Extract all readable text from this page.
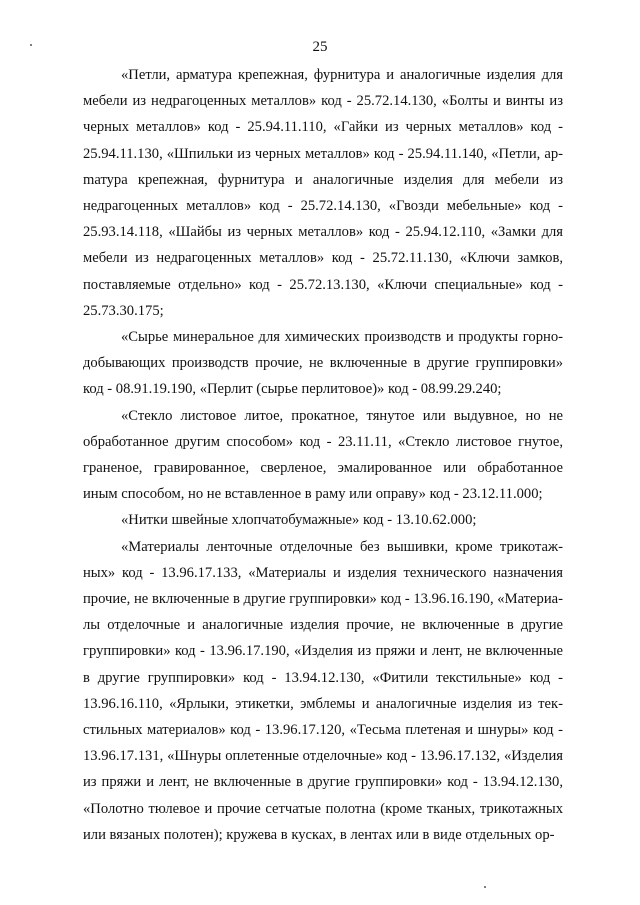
25

«Петли, арматура крепежная, фурнитура и аналогичные изделия для мебели из недрагоценных металлов» код - 25.72.14.130, «Болты и винты из черных металлов» код - 25.94.11.110, «Гайки из черных металлов» код - 25.94.11.130, «Шпильки из черных металлов» код - 25.94.11.140, «Петли, арmатура крепежная, фурнитура и аналогичные изделия для мебели из недрагоценных металлов» код - 25.72.14.130, «Гвозди мебельные» код - 25.93.14.118, «Шайбы из черных металлов» код - 25.94.12.110, «Замки для мебели из недрагоценных металлов» код - 25.72.11.130, «Ключи замков, поставляемые отдельно» код - 25.72.13.130, «Ключи специальные» код - 25.73.30.175;

«Сырье минеральное для химических производств и продукты горнодобывающих производств прочие, не включенные в другие группировки» код - 08.91.19.190, «Перлит (сырье перлитовое)» код - 08.99.29.240;

«Стекло листовое литое, прокатное, тянутое или выдувное, но не обработанное другим способом» код - 23.11.11, «Стекло листовое гнутое, граненое, гравированное, сверленое, эмалированное или обработанное иным способом, но не вставленное в раму или оправу» код - 23.12.11.000;

«Нитки швейные хлопчатобумажные» код - 13.10.62.000;

«Материалы ленточные отделочные без вышивки, кроме трикотажных» код - 13.96.17.133, «Материалы и изделия технического назначения прочие, не включенные в другие группировки» код - 13.96.16.190, «Материалы отделочные и аналогичные изделия прочие, не включенные в другие группировки» код - 13.96.17.190, «Изделия из пряжи и лент, не включенные в другие группировки» код - 13.94.12.130, «Фитили текстильные» код - 13.96.16.110, «Ярлыки, этикетки, эмблемы и аналогичные изделия из текстильных материалов» код - 13.96.17.120, «Тесьма плетеная и шнуры» код - 13.96.17.131, «Шнуры оплетенные отделочные» код - 13.96.17.132, «Изделия из пряжи и лент, не включенные в другие группировки» код - 13.94.12.130, «Полотно тюлевое и прочие сетчатые полотна (кроме тканых, трикотажных или вязаных полотен); кружева в кусках, в лентах или в виде отдельных ор-
